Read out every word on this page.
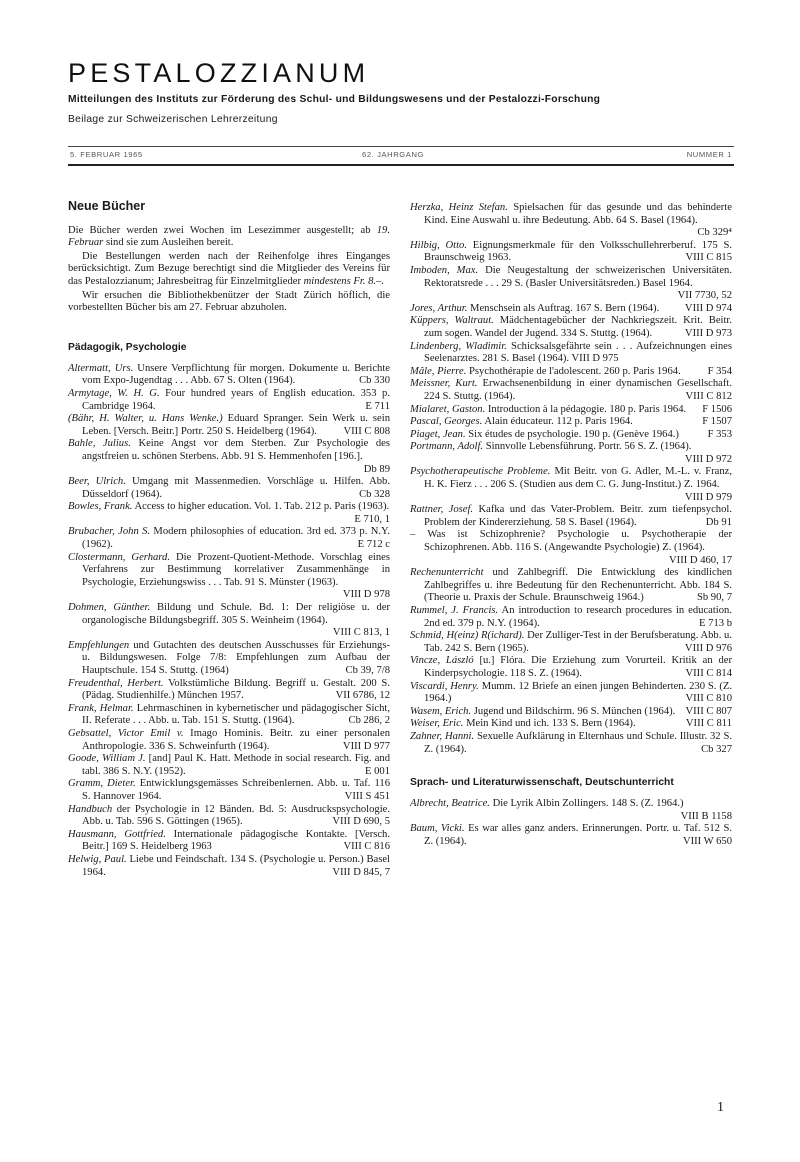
PESTALOZZIANUM
Mitteilungen des Instituts zur Förderung des Schul- und Bildungswesens und der Pestalozzi-Forschung
Beilage zur Schweizerischen Lehrerzeitung
5. FEBRUAR 1965	62. JAHRGANG	NUMMER 1
Neue Bücher

Die Bücher werden zwei Wochen im Lesezimmer ausgestellt; ab 19. Februar sind sie zum Ausleihen bereit.

Die Bestellungen werden nach der Reihenfolge ihres Einganges berücksichtigt. Zum Bezuge berechtigt sind die Mitglieder des Vereins für das Pestalozzianum; Jahresbeitrag für Einzelmitglieder mindestens Fr. 8.–.

Wir ersuchen die Bibliothekbenützer der Stadt Zürich höflich, die vorbestellten Bücher bis am 27. Februar abzuholen.

Pädagogik, Psychologie

Altermatt, Urs. Unsere Verpflichtung für morgen. Dokumente u. Berichte vom Expo-Jugendtag . . . Abb. 67 S. Olten (1964).	Cb 330

Armytage, W. H. G. Four hundred years of English education. 353 p. Cambridge 1964.	E 711

(Bähr, H. Walter, u. Hans Wenke.) Eduard Spranger. Sein Werk u. sein Leben. [Versch. Beitr.] Portr. 250 S. Heidelberg (1964).	VIII C 808

Bahle, Julius. Keine Angst vor dem Sterben. Zur Psychologie des angstfreien u. schönen Sterbens. Abb. 91 S. Hemmenhofen [196.].
Db 89

Beer, Ulrich. Umgang mit Massenmedien. Vorschläge u. Hilfen. Abb. Düsseldorf (1964).	Cb 328

Bowles, Frank. Access to higher education. Vol. 1. Tab. 212 p. Paris (1963).
E 710, 1

Brubacher, John S. Modern philosophies of education. 3rd ed. 373 p. N.Y. (1962).	E 712 c

Clostermann, Gerhard. Die Prozent-Quotient-Methode. Vorschlag eines Verfahrens zur Bestimmung korrelativer Zusammenhänge in Psychologie, Erziehungswiss . . . Tab. 91 S. Münster (1963).
VIII D 978

Dohmen, Günther. Bildung und Schule. Bd. 1: Der religiöse u. der organologische Bildungsbegriff. 305 S. Weinheim (1964).
VIII C 813, 1

Empfehlungen und Gutachten des deutschen Ausschusses für Erziehungs- u. Bildungswesen. Folge 7/8: Empfehlungen zum Aufbau der Hauptschule. 154 S. Stuttg. (1964)	Cb 39, 7/8

Freudenthal, Herbert. Volkstümliche Bildung. Begriff u. Gestalt. 200 S. (Pädag. Studienhilfe.) München 1957.	VII 6786, 12

Frank, Helmar. Lehrmaschinen in kybernetischer und pädagogischer Sicht, II. Referate . . . Abb. u. Tab. 151 S. Stuttg. (1964).	Cb 286, 2

Gebsattel, Victor Emil v. Imago Hominis. Beitr. zu einer personalen Anthropologie. 336 S. Schweinfurth (1964).	VIII D 977

Goode, William J. [and] Paul K. Hatt. Methode in social research. Fig. and tabl. 386 S. N.Y. (1952).	E 001

Gramm, Dieter. Entwicklungsgemässes Schreibenlernen. Abb. u. Taf. 116 S. Hannover 1964.	VIII S 451

Handbuch der Psychologie in 12 Bänden. Bd. 5: Ausdruckspsychologie. Abb. u. Tab. 596 S. Göttingen (1965).	VIII D 690, 5

Hausmann, Gottfried. Internationale pädagogische Kontakte. [Versch. Beitr.] 169 S. Heidelberg 1963	VIII C 816

Helwig, Paul. Liebe und Feindschaft. 134 S. (Psychologie u. Person.) Basel 1964.	VIII D 845, 7

Herzka, Heinz Stefan. Spielsachen für das gesunde und das behinderte Kind. Eine Auswahl u. ihre Bedeutung. Abb. 64 S. Basel (1964).
Cb 329⁴

Hilbig, Otto. Eignungsmerkmale für den Volksschullehrerberuf. 175 S. Braunschweig 1963.	VIII C 815

Imboden, Max. Die Neugestaltung der schweizerischen Universitäten. Rektoratsrede . . . 29 S. (Basler Universitätsreden.) Basel 1964.
VII 7730, 52

Jores, Arthur. Menschsein als Auftrag. 167 S. Bern (1964).	VIII D 974

Küppers, Waltraut. Mädchentagebücher der Nachkriegszeit. Krit. Beitr. zum sogen. Wandel der Jugend. 334 S. Stuttg. (1964).	VIII D 973

Lindenberg, Wladimir. Schicksalsgefährte sein . . . Aufzeichnungen eines Seelenarztes. 281 S. Basel (1964). VIII D 975

Mâle, Pierre. Psychothérapie de l'adolescent. 260 p. Paris 1964.	F 354

Meissner, Kurt. Erwachsenenbildung in einer dynamischen Gesellschaft. 224 S. Stuttg. (1964).	VIII C 812

Mialaret, Gaston. Introduction à la pédagogie. 180 p. Paris 1964.	F 1506

Pascal, Georges. Alain éducateur. 112 p. Paris 1964.	F 1507

Piaget, Jean. Six études de psychologie. 190 p. (Genève 1964.)	F 353

Portmann, Adolf. Sinnvolle Lebensführung. Portr. 56 S. Z. (1964).
VIII D 972

Psychotherapeutische Probleme. Mit Beitr. von G. Adler, M.-L. v. Franz, H. K. Fierz . . . 206 S. (Studien aus dem C. G. Jung-Institut.) Z. 1964.
VIII D 979

Rattner, Josef. Kafka und das Vater-Problem. Beitr. zum tiefenpsychol. Problem der Kindererziehung. 58 S. Basel (1964).	Db 91

– Was ist Schizophrenie? Psychologie u. Psychotherapie der Schizophrenen. Abb. 116 S. (Angewandte Psychologie) Z. (1964).
VIII D 460, 17

Rechenunterricht und Zahlbegriff. Die Entwicklung des kindlichen Zahlbegriffes u. ihre Bedeutung für den Rechenunterricht. Abb. 184 S. (Theorie u. Praxis der Schule. Braunschweig 1964.)	Sb 90, 7

Rummel, J. Francis. An introduction to research procedures in education. 2nd ed. 379 p. N.Y. (1964).	E 713 b

Schmid, H(einz) R(ichard). Der Zulliger-Test in der Berufsberatung. Abb. u. Tab. 242 S. Bern (1965).	VIII D 976

Vincze, László [u.] Flóra. Die Erziehung zum Vorurteil. Kritik an der Kinderpsychologie. 118 S. Z. (1964).	VIII C 814

Viscardi, Henry. Mumm. 12 Briefe an einen jungen Behinderten. 230 S. (Z. 1964.)	VIII C 810

Wasem, Erich. Jugend und Bildschirm. 96 S. München (1964). VIII C 807

Weiser, Eric. Mein Kind und ich. 133 S. Bern (1964).	VIII C 811

Zahner, Hanni. Sexuelle Aufklärung in Elternhaus und Schule. Illustr. 32 S. Z. (1964).	Cb 327

Sprach- und Literaturwissenschaft, Deutschunterricht

Albrecht, Beatrice. Die Lyrik Albin Zollingers. 148 S. (Z. 1964.)
VIII B 1158

Baum, Vicki. Es war alles ganz anders. Erinnerungen. Portr. u. Taf. 512 S. Z. (1964).	VIII W 650

1
